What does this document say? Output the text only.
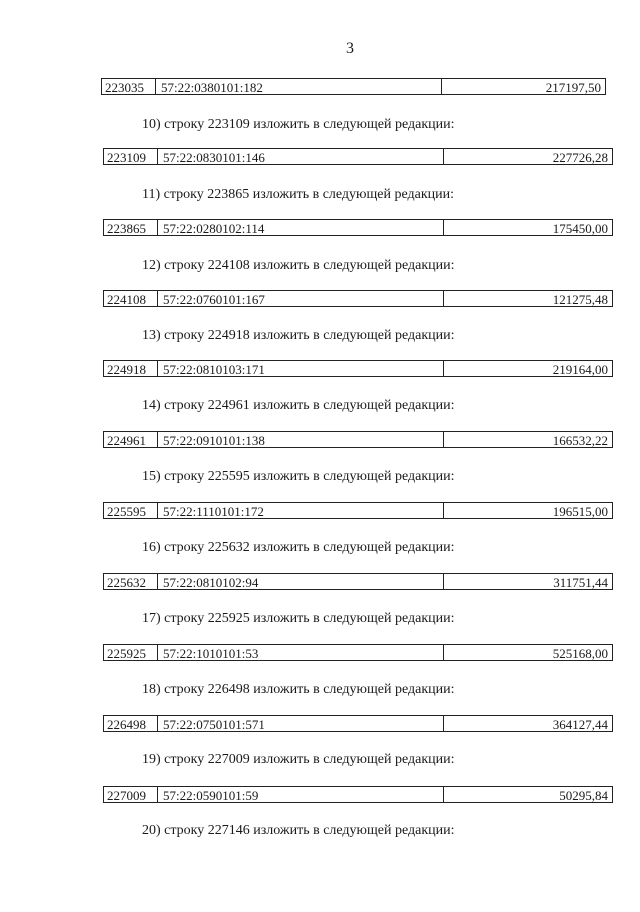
3
223035	57:22:0380101:182	217197,50
10) строку 223109 изложить в следующей редакции:
223109	57:22:0830101:146	227726,28
11) строку 223865 изложить в следующей редакции:
223865	57:22:0280102:114	175450,00
12) строку 224108 изложить в следующей редакции:
224108	57:22:0760101:167	121275,48
13) строку 224918 изложить в следующей редакции:
224918	57:22:0810103:171	219164,00
14) строку 224961 изложить в следующей редакции:
224961	57:22:0910101:138	166532,22
15) строку 225595 изложить в следующей редакции:
225595	57:22:1110101:172	196515,00
16) строку 225632 изложить в следующей редакции:
225632	57:22:0810102:94	311751,44
17) строку 225925 изложить в следующей редакции:
225925	57:22:1010101:53	525168,00
18) строку 226498 изложить в следующей редакции:
226498	57:22:0750101:571	364127,44
19) строку 227009 изложить в следующей редакции:
227009	57:22:0590101:59	50295,84
20) строку 227146 изложить в следующей редакции:
